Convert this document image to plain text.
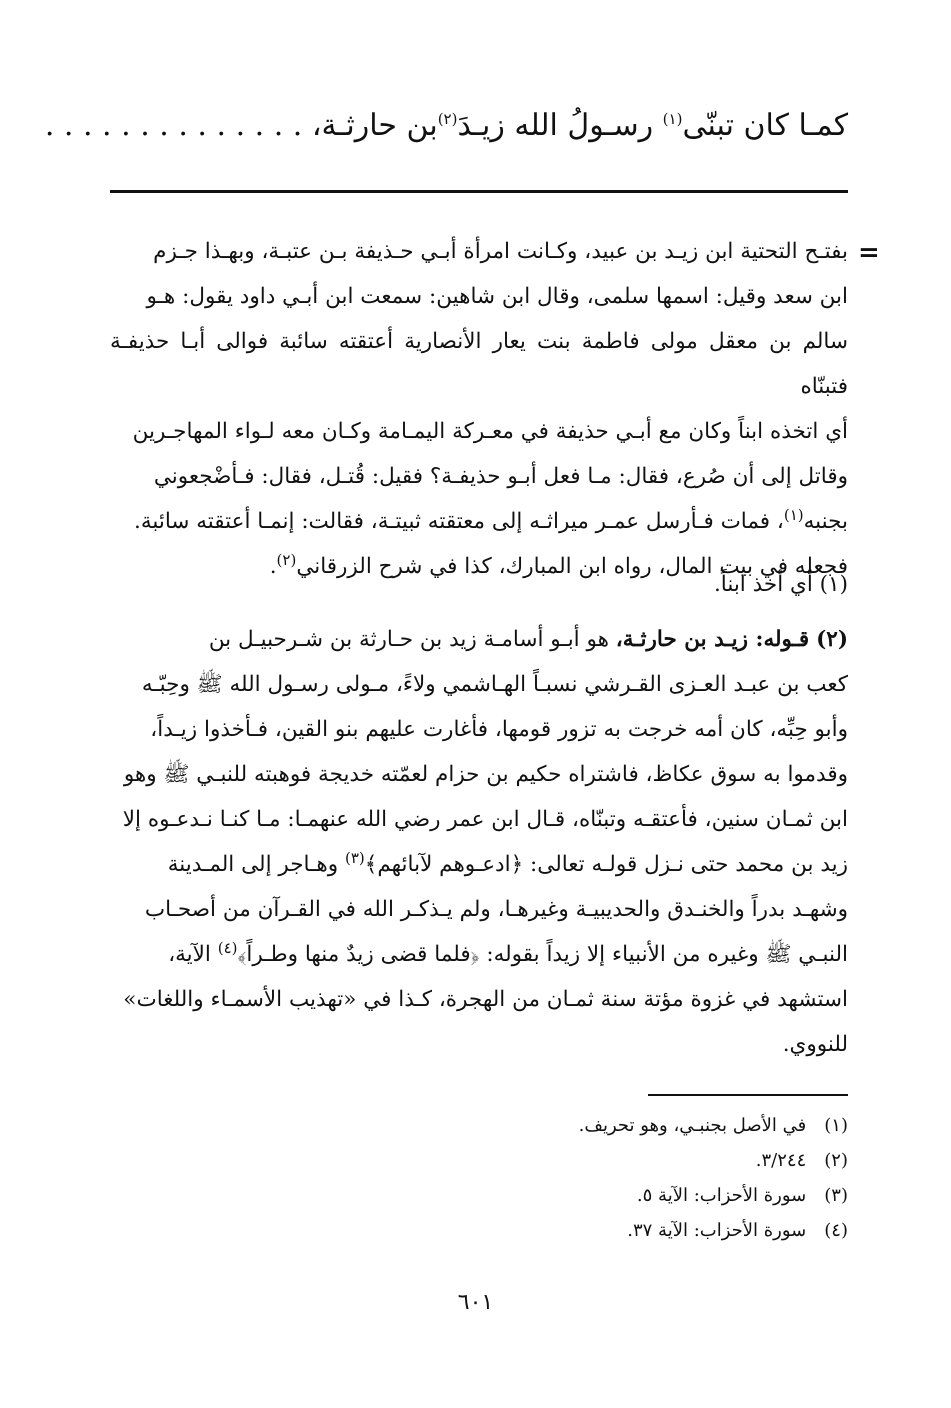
كمـا كان تبنّى$^{(١)}$ رسـولُ الله زيـدَ$^{(٢)}$بن حارثـة، . . . . . . . . . . . . . .
=
بفتـح التحتية ابن زيـد بن عبيد، وكـانت امرأة أبـي حـذيفة بـن عتبـة، وبهـذا جـزم
ابن سعد وقيل: اسمها سلمى، وقال ابن شاهين: سمعت ابن أبـي داود يقول: هـو
سالم بن معقل مولى فاطمة بنت يعار الأنصارية أعتقته سائبة فوالى أبـا حذيفـة فتبنّاه
أي اتخذه ابناً وكان مع أبـي حذيفة في معـركة اليمـامة وكـان معه لـواء المهاجـرين
وقاتل إلى أن صُرع، فقال: مـا فعل أبـو حذيفـة؟ فقيل: قُتـل، فقال: فـأضْجعوني
بجنبه$^{(١)}$، فمات فـأرسل عمـر ميراثـه إلى معتقته ثبيتـة، فقالت: إنمـا أعتقته سائبة.
فجعله في بيت المال، رواه ابن المبارك، كذا في شرح الزرقاني$^{(٢)}$.
(١) أي أخذ ابناً.
(٢) قـوله: زيـد بن حارثـة، هو أبـو أسامـة زيد بن حـارثة بن شـرحبيـل بن
كعب بن عبـد العـزى القـرشي نسبـاً الهـاشمي ولاءً، مـولى رسـول الله ﷺ وحِبّـه
وأبو حِبِّه، كان أمه خرجت به تزور قومها، فأغارت عليهم بنو القين، فـأخذوا زيـداً،
وقدموا به سوق عكاظ، فاشتراه حكيم بن حزام لعمّته خديجة فوهبته للنبـي ﷺ وهو
ابن ثمـان سنين، فأعتقـه وتبنّاه، قـال ابن عمر رضي الله عنهمـا: مـا كنـا نـدعـوه إلا
زيد بن محمد حتى نـزل قولـه تعالى: ﴿ادعـوهم لآبائهم﴾$^{(٣)}$ وهـاجر إلى المـدينة
وشهـد بدراً والخنـدق والحديبيـة وغيرهـا، ولم يـذكـر الله في القـرآن من أصحـاب
النبـي ﷺ وغيره من الأنبياء إلا زيداً بقوله: ﴿فلما قضى زيدٌ منها وطـراً﴾$^{(٤)}$ الآية،
استشهد في غزوة مؤتة سنة ثمـان من الهجرة، كـذا في «تهذيب الأسمـاء واللغات»
للنووي.
(١) في الأصل بجنبـي، وهو تحريف.
(٢) ٣/٢٤٤.
(٣) سورة الأحزاب: الآية ٥.
(٤) سورة الأحزاب: الآية ٣٧.
٦٠١
